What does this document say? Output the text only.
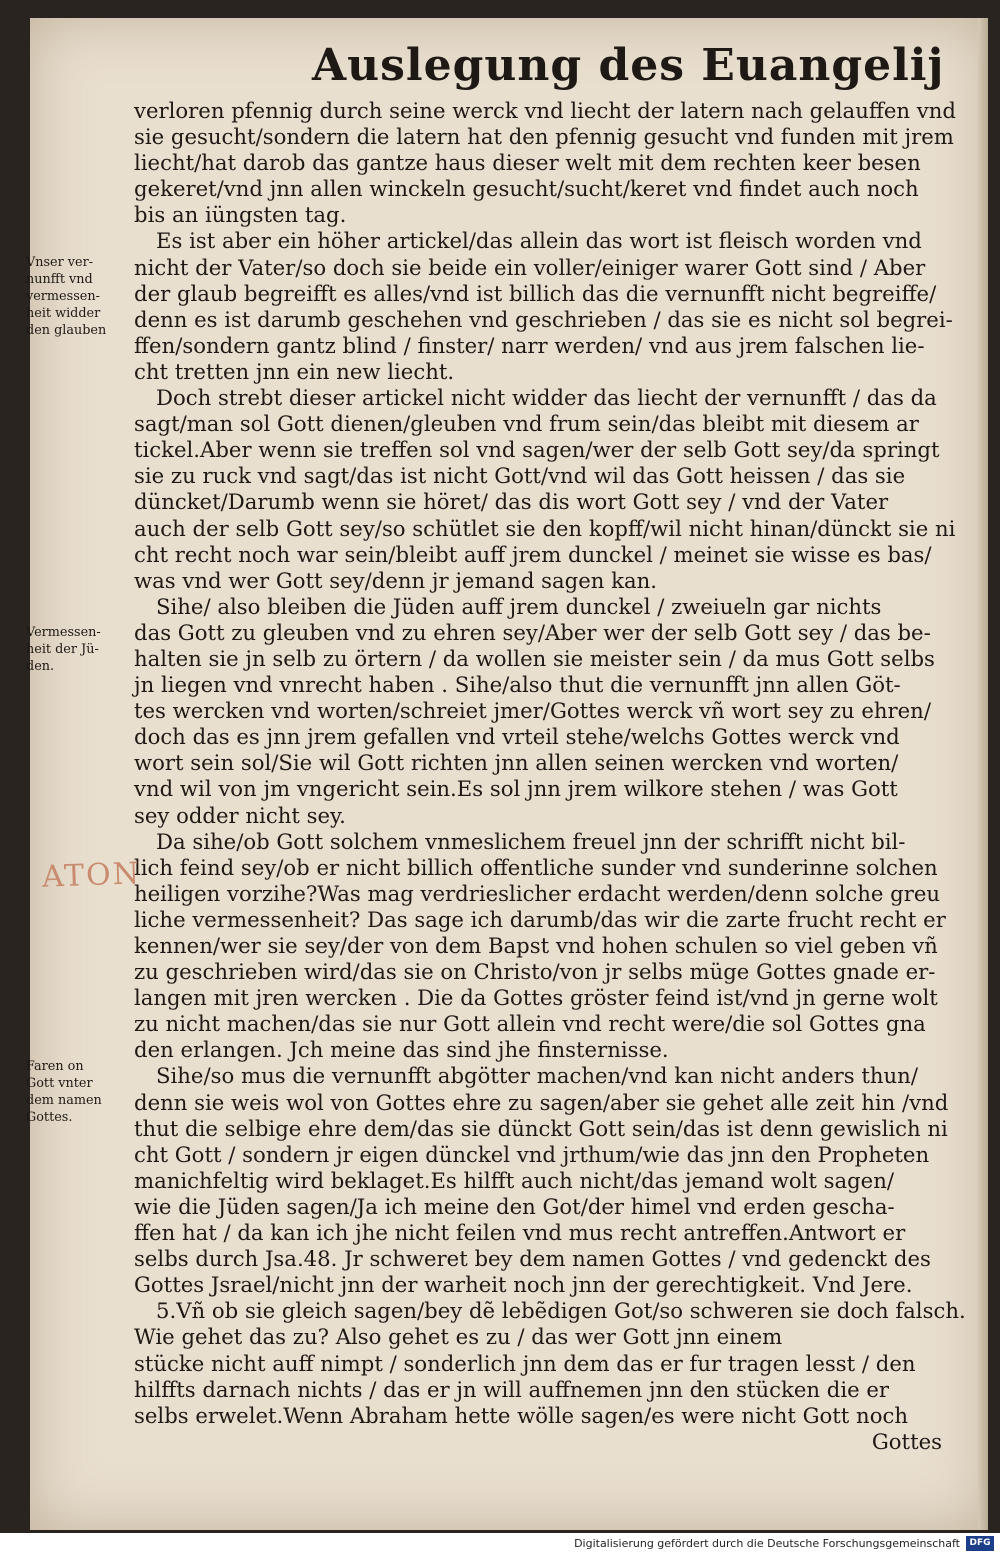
Auslegung des Euangelij
verloren pfennig durch seine werck vnd liecht der latern nach gelauffen vnd
sie gesucht/sondern die latern hat den pfennig gesucht vnd funden mit jrem
liecht/hat darob das gantze haus dieser welt mit dem rechten keer besen
gekeret/vnd jnn allen winckeln gesucht/sucht/keret vnd findet auch noch
bis an iüngsten tag.
Es ist aber ein höher artickel/das allein das wort ist fleisch worden vnd
nicht der Vater/so doch sie beide ein voller/einiger warer Gott sind / Aber
der glaub begreifft es alles/vnd ist billich das die vernunfft nicht begreiffe/
denn es ist darumb geschehen vnd geschrieben / das sie es nicht sol begrei-
ffen/sondern gantz blind / finster/ narr werden/ vnd aus jrem falschen lie-
cht tretten jnn ein new liecht.
Doch strebt dieser artickel nicht widder das liecht der vernunfft / das da
sagt/man sol Gott dienen/gleuben vnd frum sein/das bleibt mit diesem ar
tickel.Aber wenn sie treffen sol vnd sagen/wer der selb Gott sey/da springt
sie zu ruck vnd sagt/das ist nicht Gott/vnd wil das Gott heissen / das sie
düncket/Darumb wenn sie höret/ das dis wort Gott sey / vnd der Vater
auch der selb Gott sey/so schütlet sie den kopff/wil nicht hinan/dünckt sie ni
cht recht noch war sein/bleibt auff jrem dunckel / meinet sie wisse es bas/
was vnd wer Gott sey/denn jr jemand sagen kan.
Sihe/ also bleiben die Jüden auff jrem dunckel / zweiueln gar nichts
das Gott zu gleuben vnd zu ehren sey/Aber wer der selb Gott sey / das be-
halten sie jn selb zu örtern / da wollen sie meister sein / da mus Gott selbs
jn liegen vnd vnrecht haben . Sihe/also thut die vernunfft jnn allen Göt-
tes wercken vnd worten/schreiet jmer/Gottes werck vñ wort sey zu ehren/
doch das es jnn jrem gefallen vnd vrteil stehe/welchs Gottes werck vnd
wort sein sol/Sie wil Gott richten jnn allen seinen wercken vnd worten/
vnd wil von jm vngericht sein.Es sol jnn jrem wilkore stehen / was Gott
sey odder nicht sey.
Da sihe/ob Gott solchem vnmeslichem freuel jnn der schrifft nicht bil-
lich feind sey/ob er nicht billich offentliche sunder vnd sunderinne solchen
heiligen vorzihe?Was mag verdrieslicher erdacht werden/denn solche greu
liche vermessenheit? Das sage ich darumb/das wir die zarte frucht recht er
kennen/wer sie sey/der von dem Bapst vnd hohen schulen so viel geben vñ
zu geschrieben wird/das sie on Christo/von jr selbs müge Gottes gnade er-
langen mit jren wercken . Die da Gottes gröster feind ist/vnd jn gerne wolt
zu nicht machen/das sie nur Gott allein vnd recht were/die sol Gottes gna
den erlangen. Jch meine das sind jhe finsternisse.
Sihe/so mus die vernunfft abgötter machen/vnd kan nicht anders thun/
denn sie weis wol von Gottes ehre zu sagen/aber sie gehet alle zeit hin /vnd
thut die selbige ehre dem/das sie dünckt Gott sein/das ist denn gewislich ni
cht Gott / sondern jr eigen dünckel vnd jrthum/wie das jnn den Propheten
manichfeltig wird beklaget.Es hilfft auch nicht/das jemand wolt sagen/
wie die Jüden sagen/Ja ich meine den Got/der himel vnd erden gescha-
ffen hat / da kan ich jhe nicht feilen vnd mus recht antreffen.Antwort er
selbs durch Jsa.48. Jr schweret bey dem namen Gottes / vnd gedenckt des
Gottes Jsrael/nicht jnn der warheit noch jnn der gerechtigkeit. Vnd Jere.
5.Vñ ob sie gleich sagen/bey dẽ lebẽdigen Got/so schweren sie doch falsch.
Wie gehet das zu? Also gehet es zu / das wer Gott jnn einem
stücke nicht auff nimpt / sonderlich jnn dem das er fur tragen lesst / den
hilffts darnach nichts / das er jn will auffnemen jnn den stücken die er
selbs erwelet.Wenn Abraham hette wölle sagen/es were nicht Gott noch
Gottes
Vnser ver-
nunfft vnd
vermessen-
heit widder
den glauben
Vermessen-
heit der Jü-
den.
Faren on
Gott vnter
dem namen
Gottes.
ATON
Digitalisierung gefördert durch die Deutsche Forschungsgemeinschaft	DFG
